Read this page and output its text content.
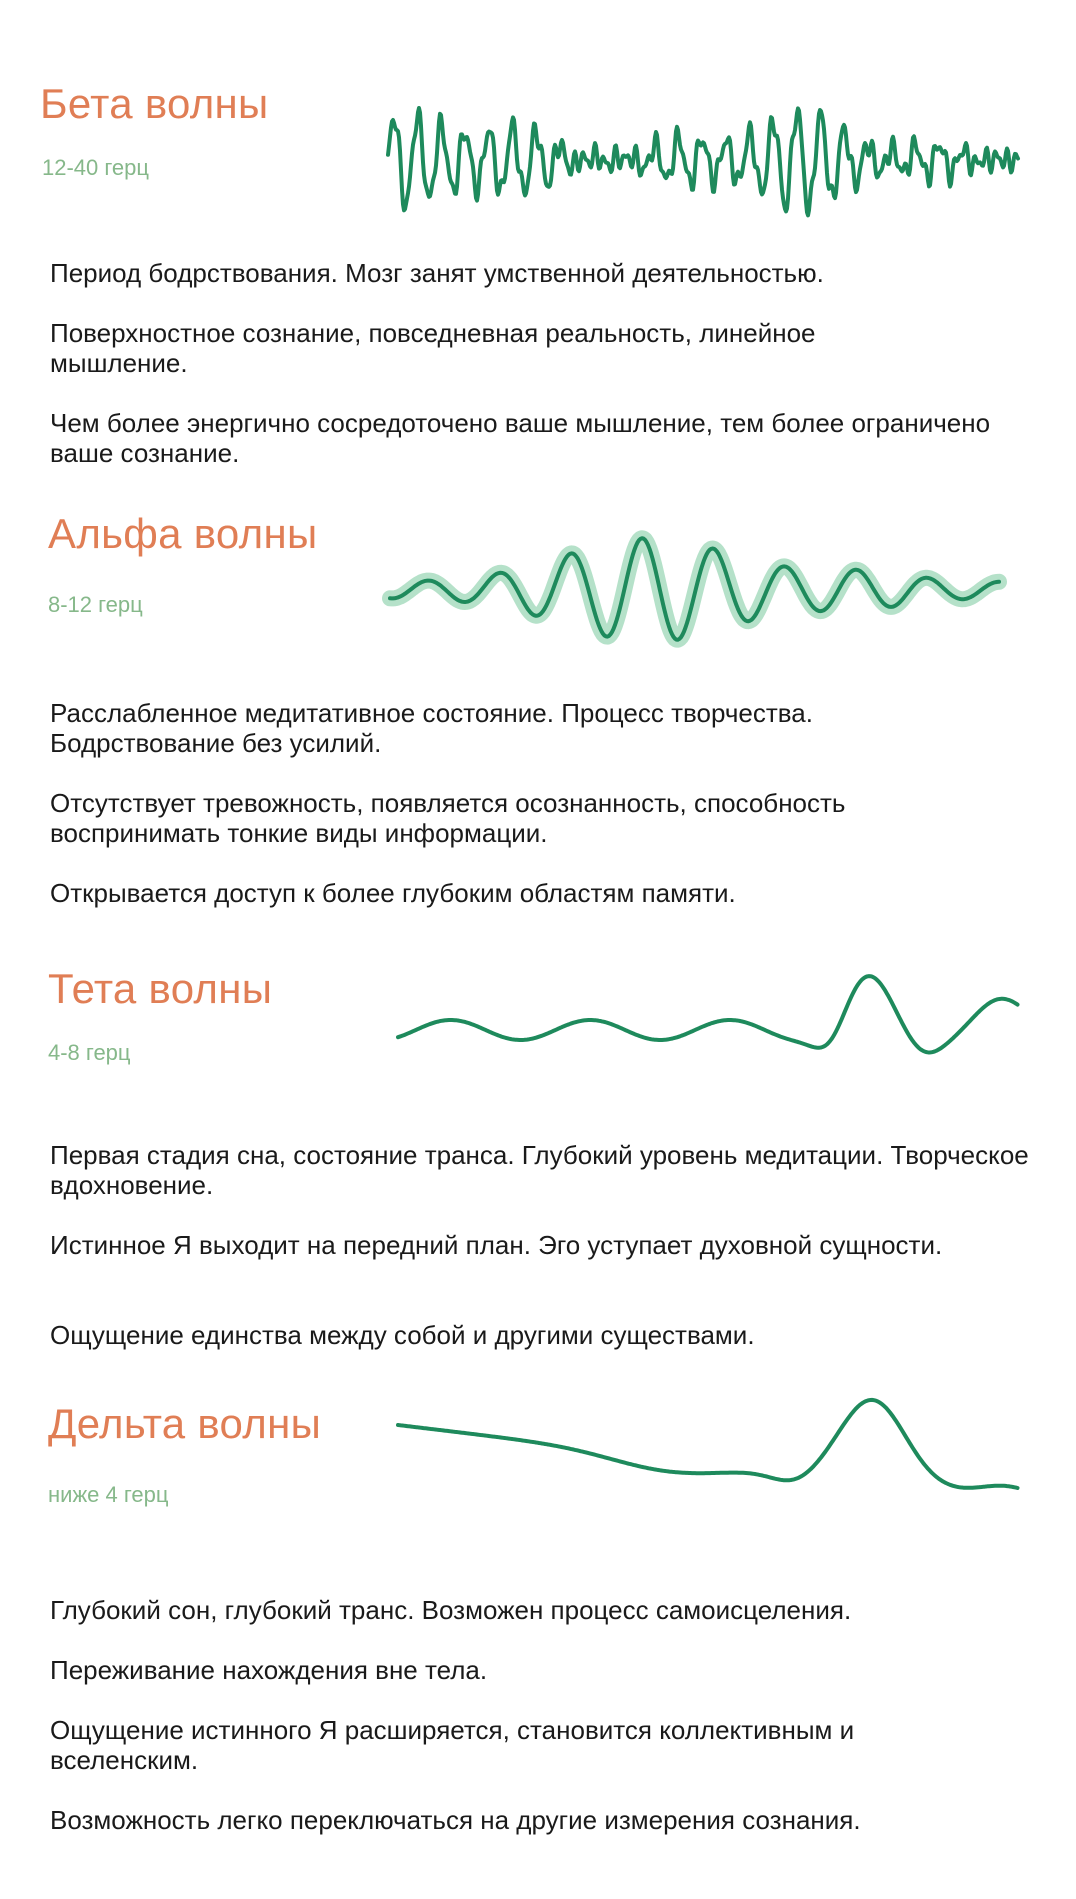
Бета волны
12-40 герц

Период бодрствования. Мозг занят умственной деятельностью.

Поверхностное сознание, повседневная реальность, линейное мышление.

Чем более энергично сосредоточено ваше мышление, тем более ограничено ваше сознание.

Альфа волны
8-12 герц

Расслабленное медитативное состояние. Процесс творчества. Бодрствование без усилий.

Отсутствует тревожность, появляется осознанность, способность воспринимать тонкие виды информации.

Открывается доступ к более глубоким областям памяти.

Тета волны
4-8 герц

Первая стадия сна, состояние транса. Глубокий уровень медитации. Творческое вдохновение.

Истинное Я выходит на передний план. Эго уступает духовной сущности.

Ощущение единства между собой и другими существами.

Дельта волны
ниже 4 герц

Глубокий сон, глубокий транс. Возможен процесс самоисцеления.

Переживание нахождения вне тела.

Ощущение истинного Я расширяется, становится коллективным и вселенским.

Возможность легко переключаться на другие измерения сознания.
